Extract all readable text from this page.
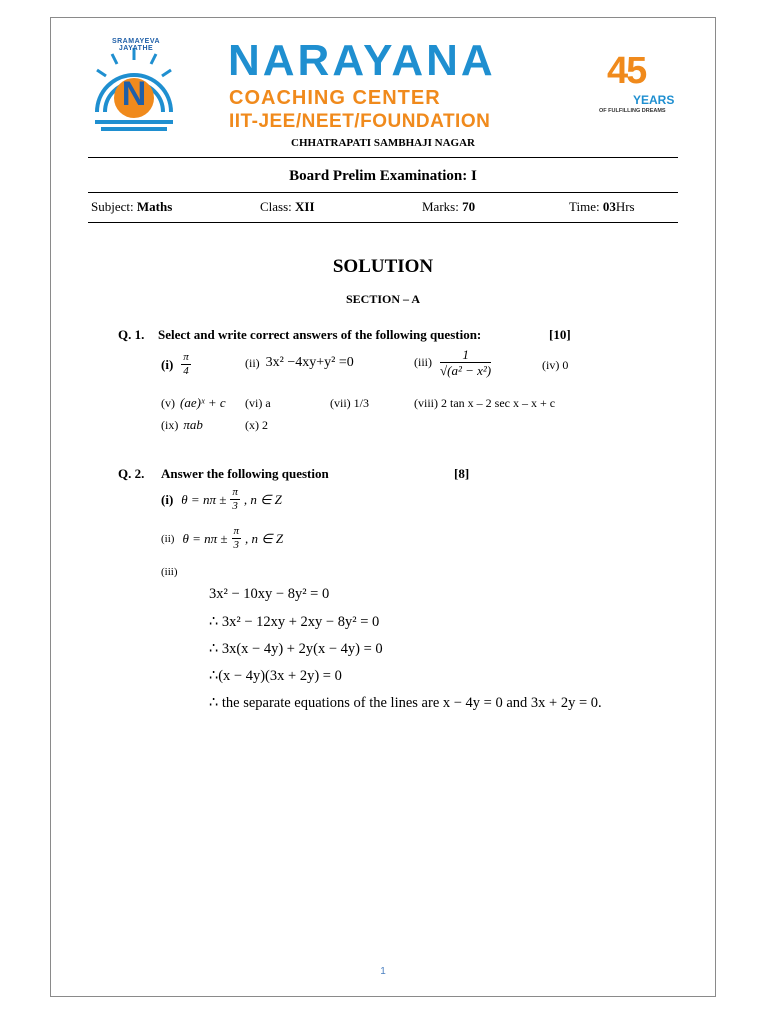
N
SRAMAYEVA JAYATHE	NARAYANA
COACHING CENTER
IIT-JEE/NEET/FOUNDATION
45
YEARS
OF FULFILLING DREAMS
CHHATRAPATI SAMBHAJI NAGAR
Board Prelim Examination: I
Subject: Maths	Class: XII	Marks: 70	Time: 03Hrs
SOLUTION
SECTION – A
Q. 1. Select and write correct answers of the following question:	[10]
$(i) \frac{\pi}{4}$	(ii) 3x² −4xy+y² =0	$(iii) \frac{1}{\text{√(a² − x²)}}$	(iv) 0
(v) (ae)ˣ + c (vi) a	(vii) 1/3	(viii) 2 tan x – 2 sec x – x + c
(ix) πab	(x) 2
Q. 2. Answer the following question	[8]
(i) $\theta = n\pi \pm \frac{\pi}{3}$ , n ∈ Z
(ii) $\theta = n\pi \pm \frac{\pi}{3}$ , n ∈ Z
(iii)
3x² − 10xy − 8y² = 0
∴ 3x² − 12xy + 2xy − 8y² = 0
∴ 3x(x − 4y) + 2y(x − 4y) = 0
∴(x − 4y)(3x + 2y) = 0
∴ the separate equations of the lines are x − 4y = 0 and 3x + 2y = 0.
1
